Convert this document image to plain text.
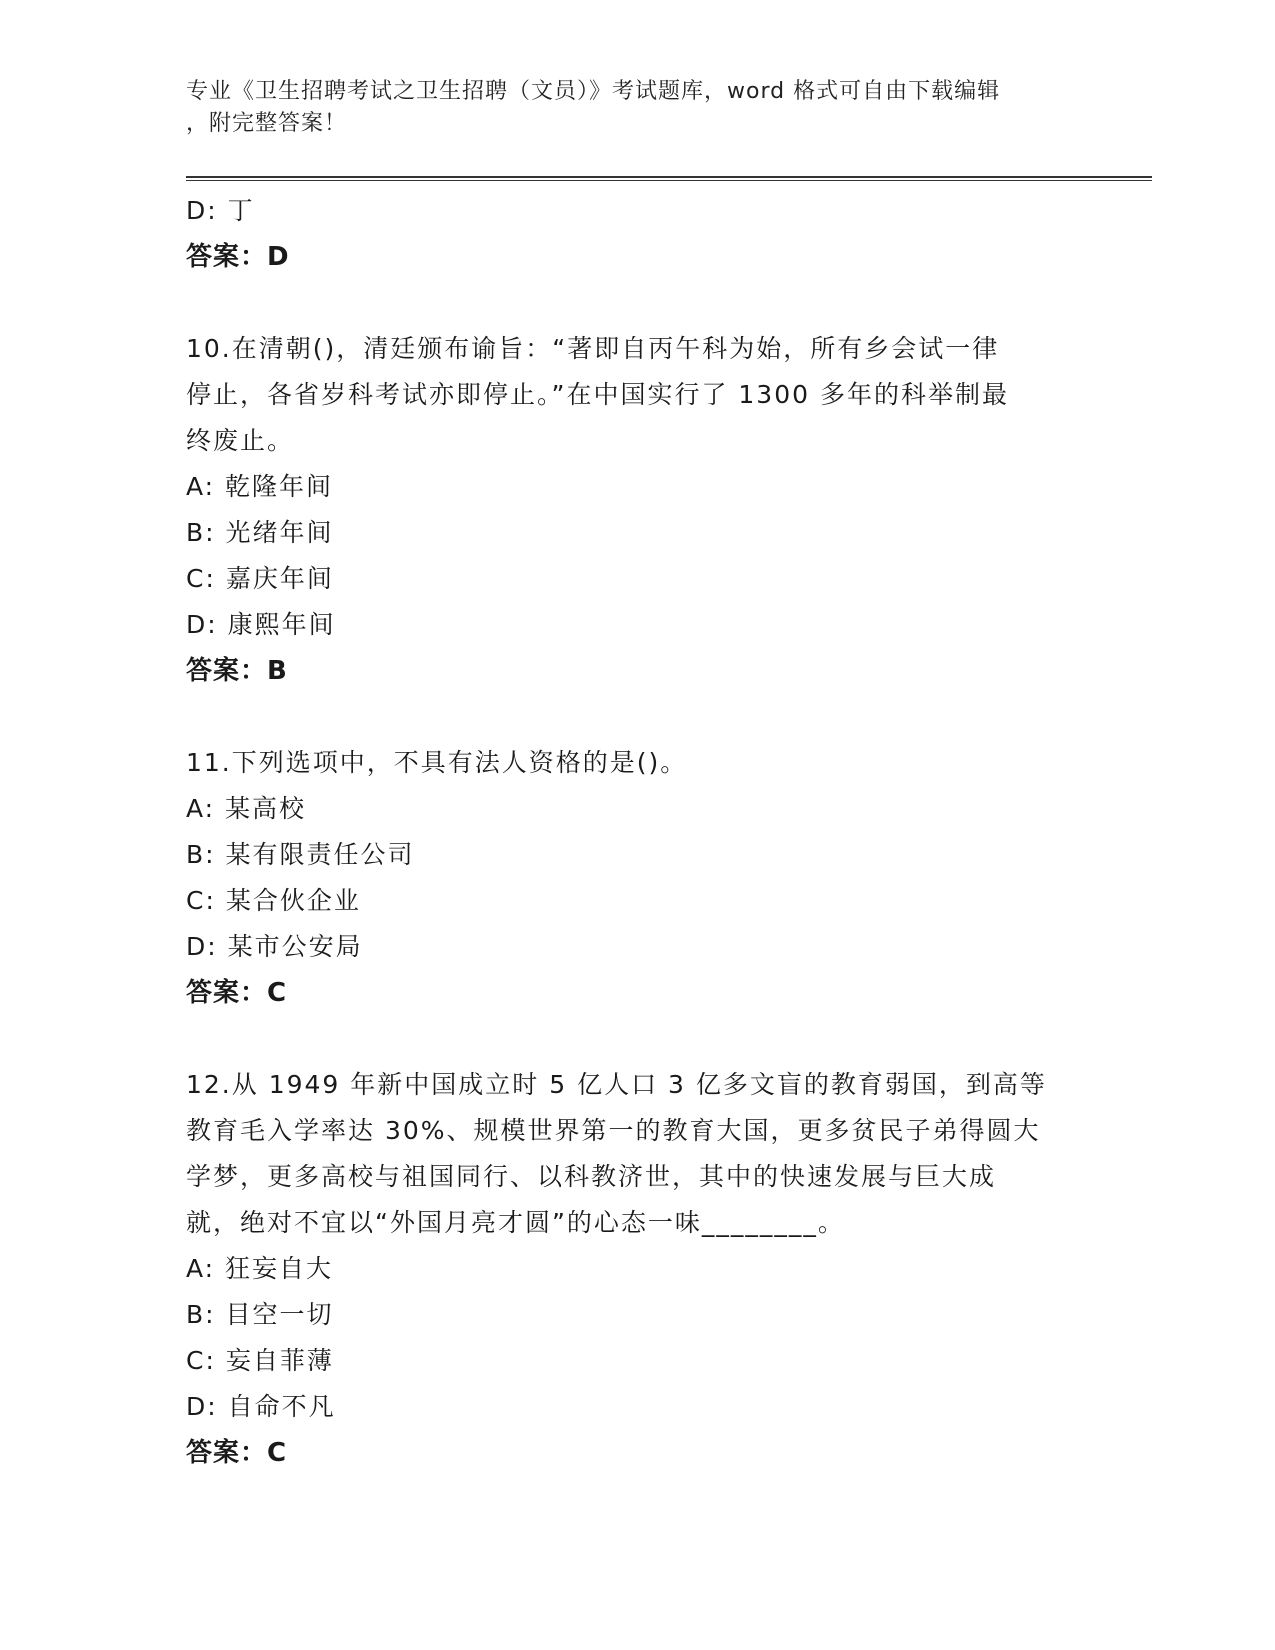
专业《卫生招聘考试之卫生招聘（文员）》考试题库，word 格式可自由下载编辑
，附完整答案！
D: 丁
答案：D
10.在清朝()，清廷颁布谕旨：“著即自丙午科为始，所有乡会试一律
停止，各省岁科考试亦即停止。”在中国实行了 1300 多年的科举制最
终废止。
A: 乾隆年间
B: 光绪年间
C: 嘉庆年间
D: 康熙年间
答案：B
11.下列选项中，不具有法人资格的是()。
A: 某高校
B: 某有限责任公司
C: 某合伙企业
D: 某市公安局
答案：C
12.从 1949 年新中国成立时 5 亿人口 3 亿多文盲的教育弱国，到高等
教育毛入学率达 30%、规模世界第一的教育大国，更多贫民子弟得圆大
学梦，更多高校与祖国同行、以科教济世，其中的快速发展与巨大成
就，绝对不宜以“外国月亮才圆”的心态一味________。
A: 狂妄自大
B: 目空一切
C: 妄自菲薄
D: 自命不凡
答案：C
